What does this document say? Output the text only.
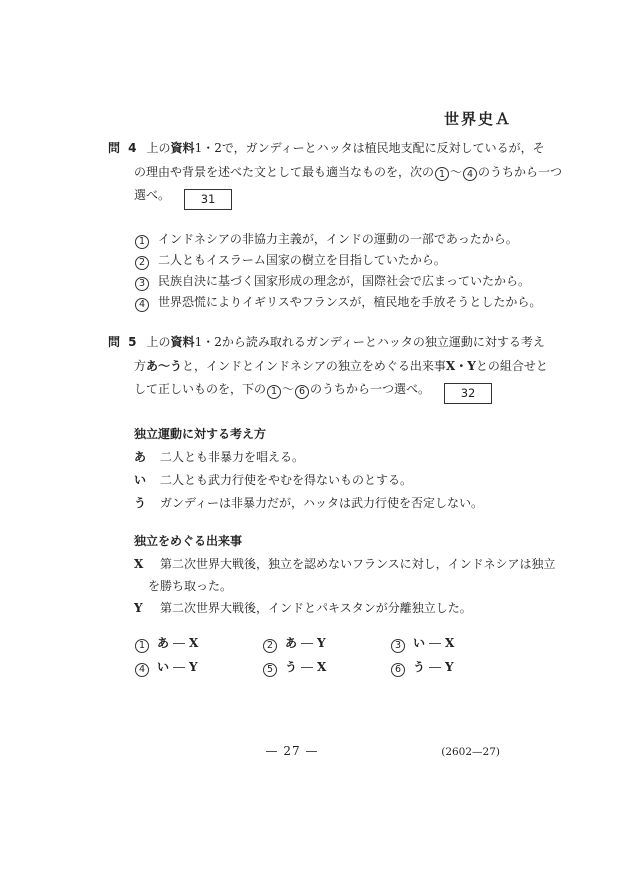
世界史Ａ
問 4 上の資料1・2で，ガンディーとハッタは植民地支配に反対しているが，そ
の理由や背景を述べた文として最も適当なものを，次の 1 ～ 4 のうちから一つ
選べ。	31
1 インドネシアの非協力主義が，インドの運動の一部であったから。
2 二人ともイスラーム国家の樹立を目指していたから。
3 民族自決に基づく国家形成の理念が，国際社会で広まっていたから。
4 世界恐慌によりイギリスやフランスが，植民地を手放そうとしたから。
問 5 上の資料1・2から読み取れるガンディーとハッタの独立運動に対する考え
方あ～うと，インドとインドネシアの独立をめぐる出来事X・Yとの組合せと
して正しいものを，下の 1 ～ 6 のうちから一つ選べ。	32
独立運動に対する考え方
あ 二人とも非暴力を唱える。
い 二人とも武力行使をやむを得ないものとする。
う ガンディーは非暴力だが，ハッタは武力行使を否定しない。
独立をめぐる出来事
X 第二次世界大戦後，独立を認めないフランスに対し，インドネシアは独立
を勝ち取った。
Y 第二次世界大戦後，インドとパキスタンが分離独立した。
1 あ ― X	2 あ ― Y	3 い ― X
4 い ― Y	5 う ― X	6 う ― Y
— 27 —	(2602—27)
